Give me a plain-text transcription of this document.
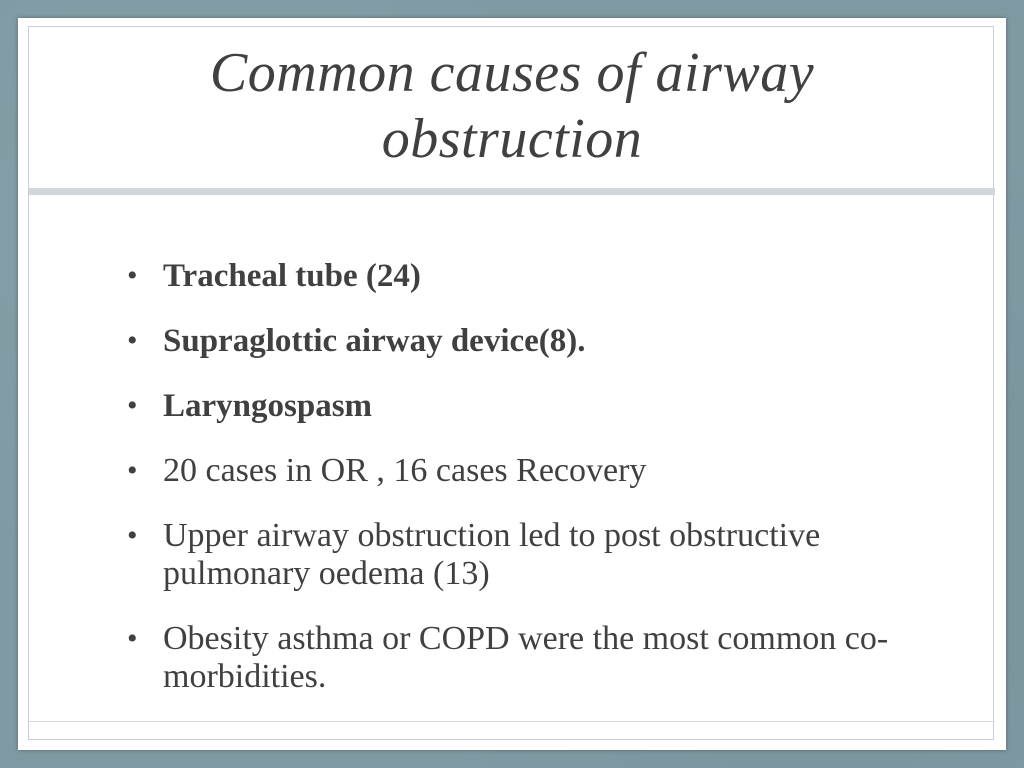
Common causes of airway obstruction
• Tracheal tube (24)
• Supraglottic airway device(8).
• Laryngospasm
• 20 cases in OR , 16 cases Recovery
• Upper airway obstruction led to post obstructive pulmonary oedema (13)
• Obesity asthma or COPD were the most common co-morbidities.
